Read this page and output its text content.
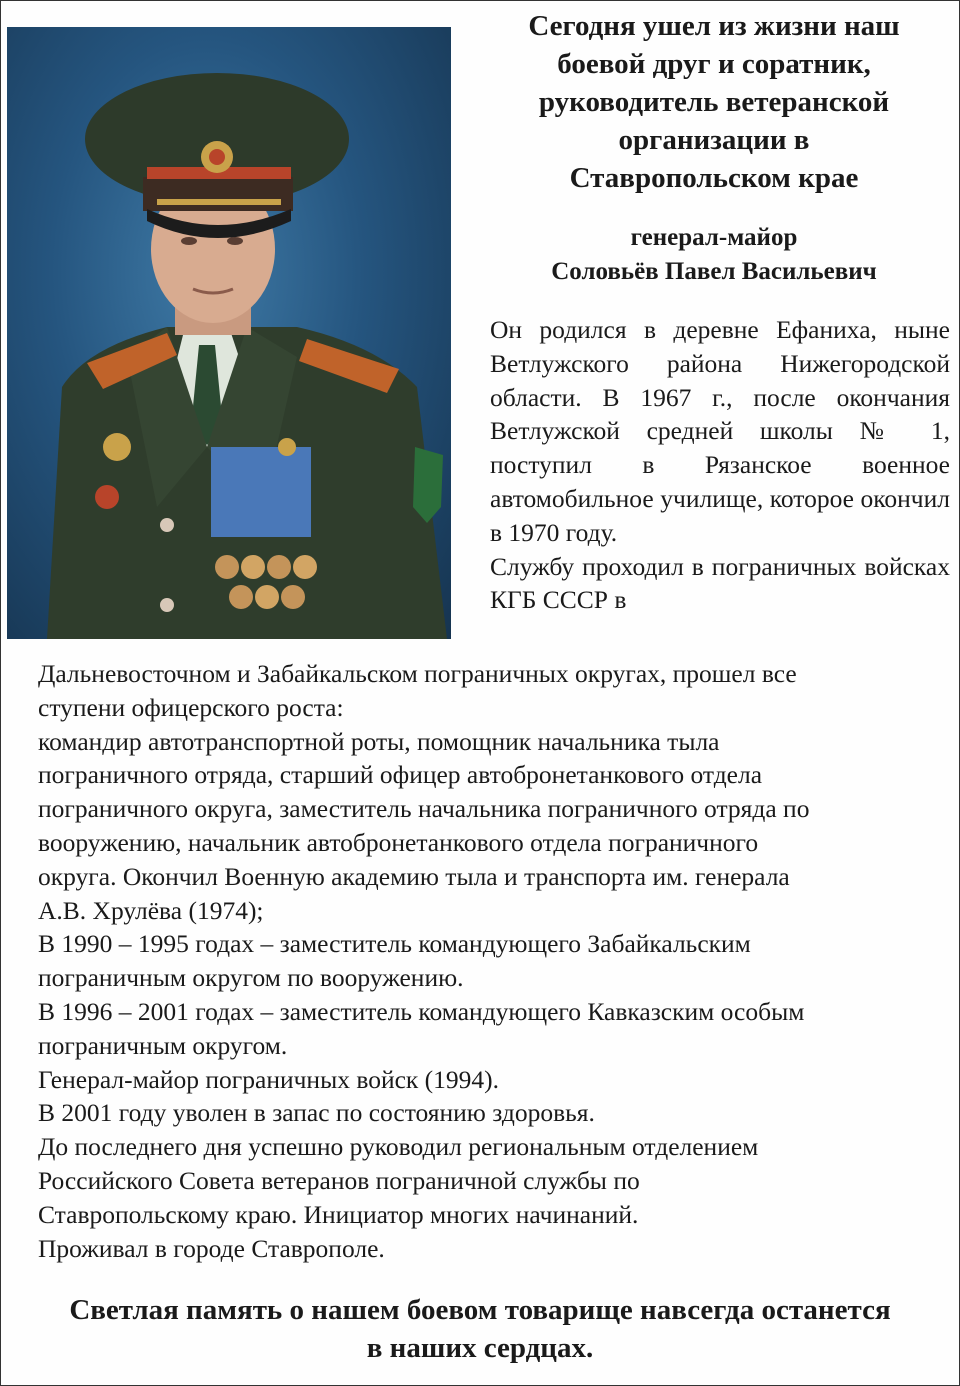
Сегодня ушел из жизни наш
боевой друг и соратник,
руководитель ветеранской
организации в
Ставропольском крае
генерал-майор
Соловьёв Павел Васильевич

Он родился в деревне Ефаниха, ныне Ветлужского района Нижегородской области. В 1967 г., после окончания Ветлужской средней школы № 1, поступил в Рязанское военное автомобильное училище, которое окончил в 1970 году.

Службу проходил в пограничных войсках КГБ СССР в

Дальневосточном и Забайкальском пограничных округах, прошел все

ступени офицерского роста:

командир автотранспортной роты, помощник начальника тыла

пограничного отряда, старший офицер автобронетанкового отдела

пограничного округа, заместитель начальника пограничного отряда по

вооружению, начальник автобронетанкового отдела пограничного

округа. Окончил Военную академию тыла и транспорта им. генерала

А.В. Хрулёва (1974);

В 1990 – 1995 годах – заместитель командующего Забайкальским

пограничным округом по вооружению.

В 1996 – 2001 годах – заместитель командующего Кавказским особым

пограничным округом.

Генерал-майор пограничных войск (1994).

В 2001 году уволен в запас по состоянию здоровья.

До последнего дня успешно руководил региональным отделением

Российского Совета ветеранов пограничной службы по

Ставропольскому краю. Инициатор многих начинаний.

Проживал в городе Ставрополе.

Светлая память о нашем боевом товарище навсегда останется
в наших сердцах.
